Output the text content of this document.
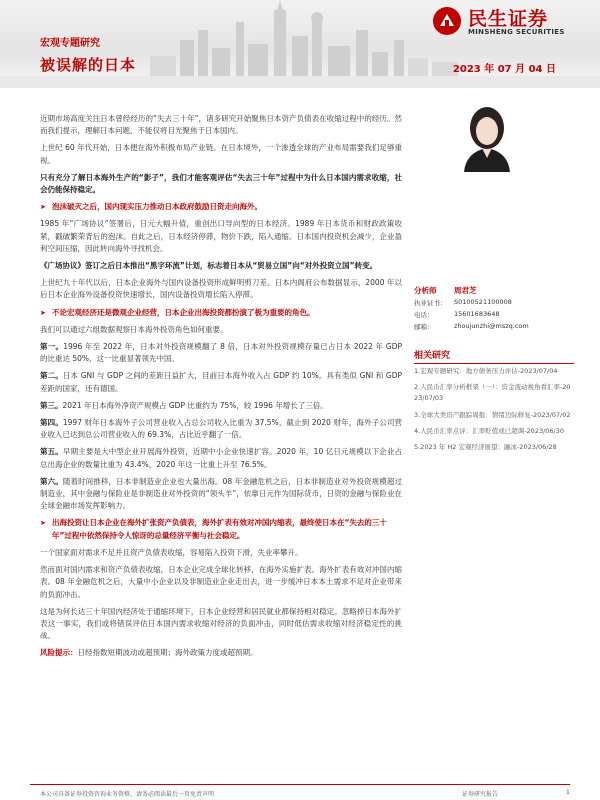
宏观专题研究
被误解的日本	2023 年 07 月 04 日
民生证券
MINSHENG SECURITIES

近期市场高度关注日本曾经经历的“失去三十年”，诸多研究开始聚焦日本资产负债表在收缩过程中的经历。然而我们提示，理解日本问题，不能仅将目光聚焦于日本国内。

上世纪 60 年代开始，日本便在海外积极布局产业链。在日本境外，一个渗透全球的产业布局需要我们足够重视。

只有充分了解日本海外生产的“影子”，我们才能客观评估“失去三十年”过程中为什么日本国内需求收缩，社会仍能保持稳定。

➤ 泡沫破灭之后，国内现实压力推动日本政府鼓励日资走向海外。

1985 年“广场协议”签署后，日元大幅升值，重创出口导向型的日本经济。1989 年日本货币和财政政策收紧，戳破繁荣背后的泡沫。自此之后，日本经济停滞，物价下跌，陷入通缩。日本国内投资机会减少，企业盈利空间压缩，因此转向海外寻找机会。

《广场协议》签订之后日本推出“黑字环流”计划，标志着日本从“贸易立国”向“对外投资立国”转变。

上世纪九十年代以后，日本企业海外与国内设备投资形成鲜明剪刀差。日本内阁府公布数据显示，2000 年以后日本企业海外设备投资快速增长，国内设备投资增长陷入停滞。

➤ 不论宏观经济还是微观企业经营，日本企业出海投资都扮演了极为重要的角色。

我们可以通过六组数据观察日本海外投资角色如何重要。

第一。1996 年至 2022 年，日本对外投资规模翻了 8 倍，日本对外投资规模存量已占日本 2022 年 GDP 的比重达 50%，这一比重显著领先中国。

第二。日本 GNI 与 GDP 之间的差距日益扩大，目前日本海外收入占 GDP 约 10%。具有类似 GNI 和 GDP 差距的国家，还有德国。

第三。2021 年日本海外净资产规模占 GDP 比重约为 75%，较 1996 年增长了三倍。

第四。1997 财年日本海外子公司营业收入占总公司收入比重为 37.5%，截止到 2020 财年，海外子公司营业收入已达到总公司营业收入的 69.3%，占比近乎翻了一倍。

第五。早期主要是大中型企业开展海外投资，近期中小企业快速扩容。2020 年，10 亿日元规模以下企业占总出海企业的数量比重为 43.4%，2020 年这一比重上升至 76.5%。

第六。随着时间推移，日本非制造业企业也大量出海。08 年金融危机之后，日本非制造业对外投资规模超过制造业，其中金融与保险业是非制造业对外投资的“领头羊”，依靠日元作为国际货币，日资的金融与保险业在全球金融市场发挥影响力。

➤ 出海投资让日本企业在海外扩张资产负债表，海外扩表有效对冲国内缩表，最终使日本在“失去的三十年”过程中依然保持令人惊讶的总量经济平衡与社会稳定。

一个国家面对需求不足并且资产负债表收缩，容易陷入投资下滑，失业率攀升。

然而面对国内需求和资产负债表收缩，日本企业完成全球化转移，在海外实施扩表。海外扩表有效对冲国内缩表。08 年金融危机之后，大量中小企业以及非制造业企业走出去，进一步缓冲日本本土需求不足对企业带来的负面冲击。

这是为何长达三十年国内经济处于通缩环境下，日本企业经营和居民就业都保持相对稳定。忽略掉日本海外扩表这一事实，我们或将错误评估日本国内需求收缩对经济的负面冲击，同时低估需求收缩对经济稳定性的挑战。

风险提示：日经指数短期波动或超预期；海外政策力度或超预期。

分析师	周君芝
执业证书：	S0100521100008
电话：	15601683648
邮箱：	zhoujunzhi@mszq.com
相关研究
1.宏观专题研究：地方债务压力评估-2023/07/04
2.人民币汇率分析框架（一）：资金流动视角看汇率-2023/07/03
3.全球大类资产跟踪周报：情绪边际修复-2023/07/02
4.人民币汇率点评：汇率贬值或已超调-2023/06/30
5.2023 年 H2 宏观经济展望：融冰-2023/06/28
本公司具备证券投资咨询业务资格，请务必阅读最后一页免责声明	证券研究报告	1
